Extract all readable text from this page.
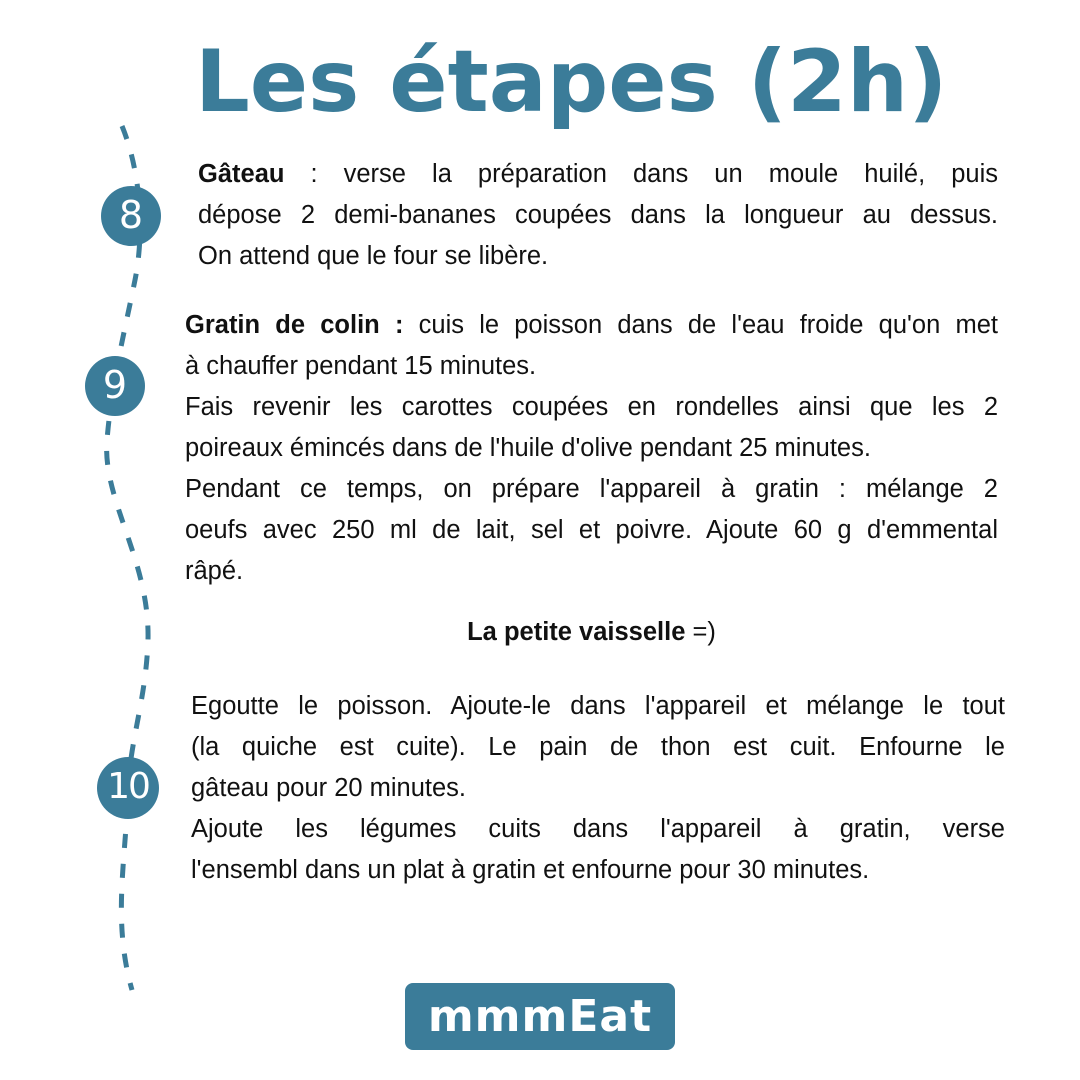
Les étapes (2h)
8
9
10
Gâteau : verse la préparation dans un moule huilé, puis
dépose 2 demi-bananes coupées dans la longueur au dessus.
On attend que le four se libère.
Gratin de colin : cuis le poisson dans de l'eau froide qu'on met
à chauffer pendant 15 minutes.
Fais revenir les carottes coupées en rondelles ainsi que les 2
poireaux émincés dans de l'huile d'olive pendant 25 minutes.
Pendant ce temps, on prépare l'appareil à gratin : mélange 2
oeufs avec 250 ml de lait, sel et poivre. Ajoute 60 g d'emmental
râpé.
La petite vaisselle =)
Egoutte le poisson. Ajoute-le dans l'appareil et mélange le tout
(la quiche est cuite). Le pain de thon est cuit. Enfourne le
gâteau pour 20 minutes.
Ajoute les légumes cuits dans l'appareil à gratin, verse
l'ensembl dans un plat à gratin et enfourne pour 30 minutes.
mmmEat
